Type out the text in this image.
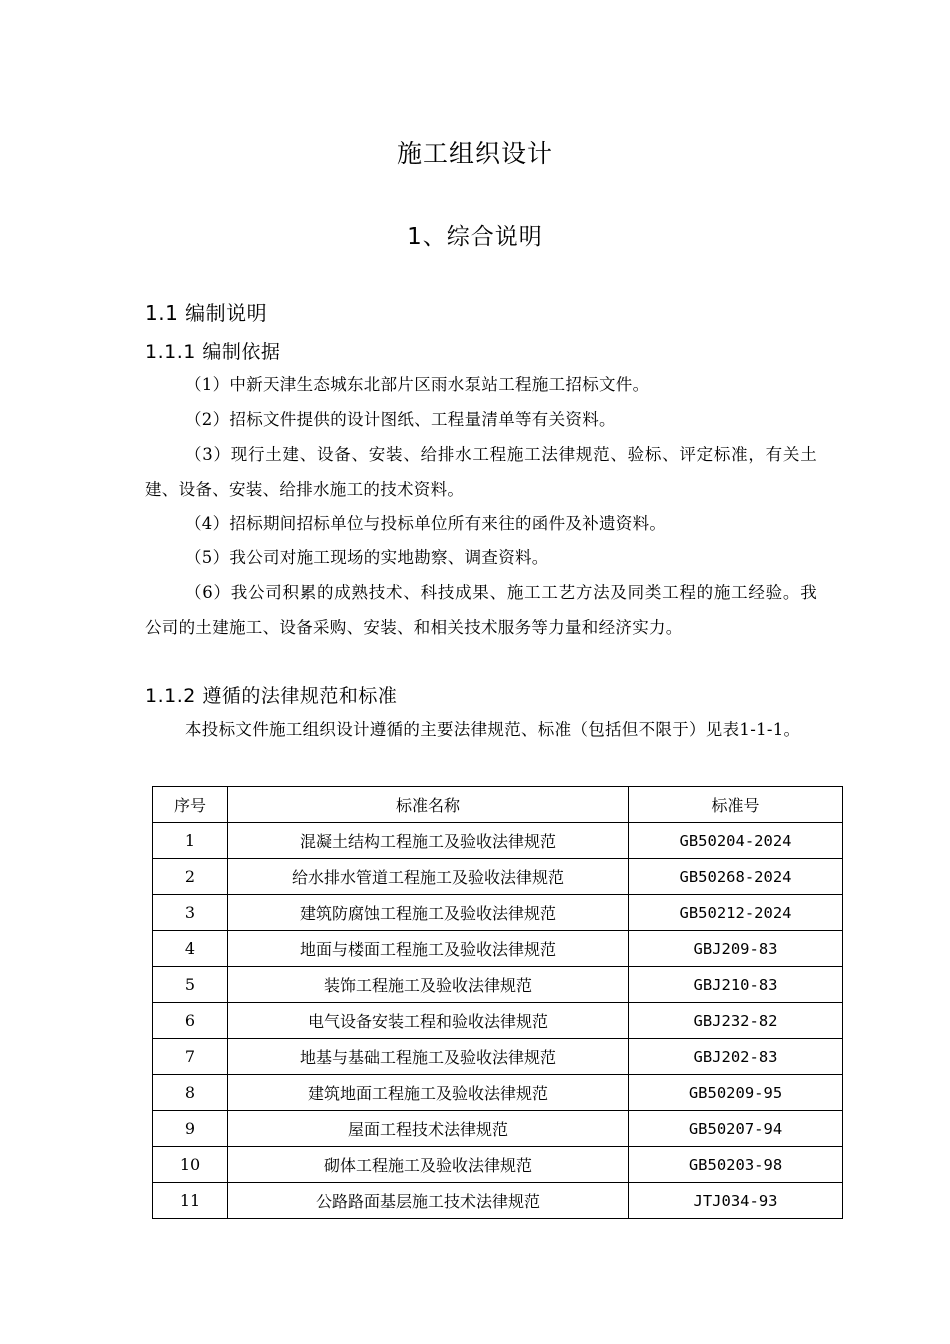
施工组织设计
1、综合说明
1.1 编制说明
1.1.1 编制依据
（1）中新天津生态城东北部片区雨水泵站工程施工招标文件。
（2）招标文件提供的设计图纸、工程量清单等有关资料。
（3）现行土建、设备、安装、给排水工程施工法律规范、验标、评定标准，有关土建、设备、安装、给排水施工的技术资料。
（4）招标期间招标单位与投标单位所有来往的函件及补遗资料。
（5）我公司对施工现场的实地勘察、调查资料。
（6）我公司积累的成熟技术、科技成果、施工工艺方法及同类工程的施工经验。我公司的土建施工、设备采购、安装、和相关技术服务等力量和经济实力。
1.1.2 遵循的法律规范和标准
本投标文件施工组织设计遵循的主要法律规范、标准（包括但不限于）见表1-1-1。
序号	标准名称	标准号
1	混凝土结构工程施工及验收法律规范	GB50204-2024
2	给水排水管道工程施工及验收法律规范	GB50268-2024
3	建筑防腐蚀工程施工及验收法律规范	GB50212-2024
4	地面与楼面工程施工及验收法律规范	GBJ209-83
5	装饰工程施工及验收法律规范	GBJ210-83
6	电气设备安装工程和验收法律规范	GBJ232-82
7	地基与基础工程施工及验收法律规范	GBJ202-83
8	建筑地面工程施工及验收法律规范	GB50209-95
9	屋面工程技术法律规范	GB50207-94
10	砌体工程施工及验收法律规范	GB50203-98
11	公路路面基层施工技术法律规范	JTJ034-93
